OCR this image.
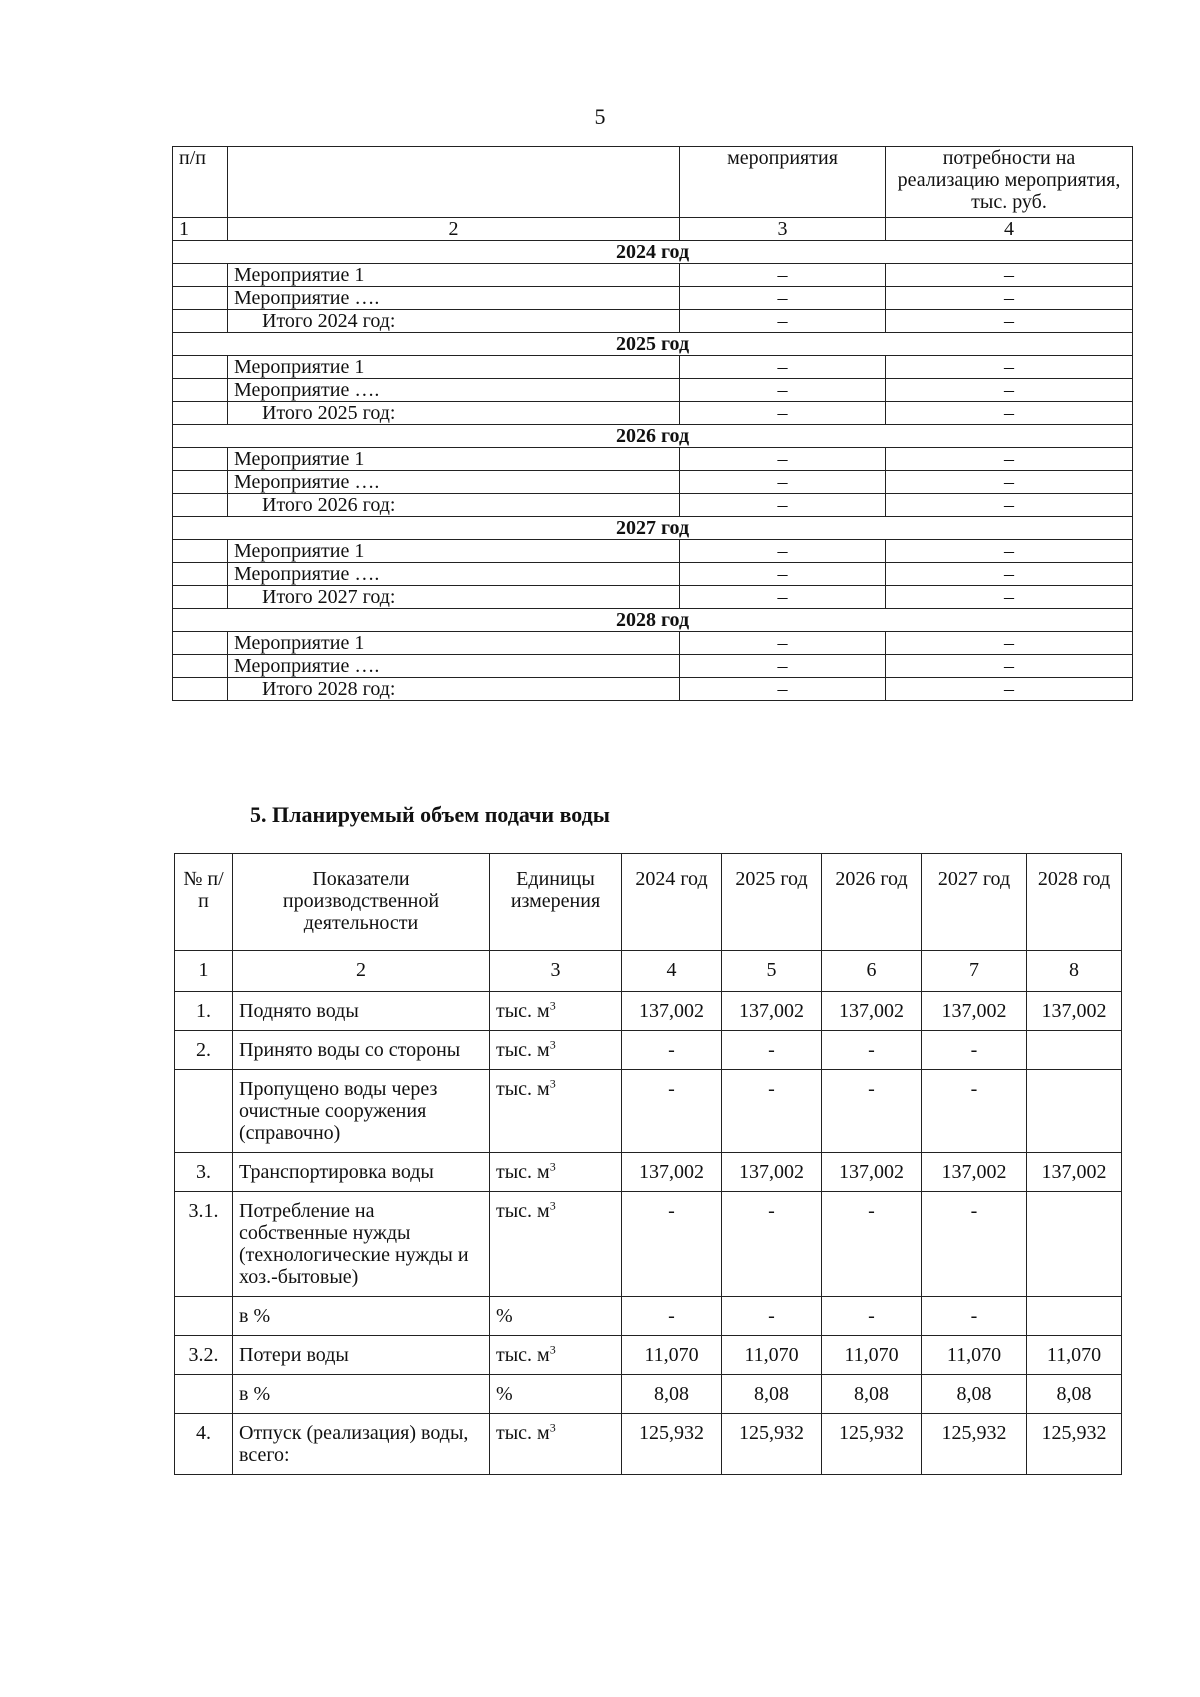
5
п/п		мероприятия	потребности на реализацию мероприятия, тыс. руб.
1	2	3	4
2024 год			
	Мероприятие 1	–	–
	Мероприятие ….	–	–
	Итого 2024 год:	–	–
2025 год			
	Мероприятие 1	–	–
	Мероприятие ….	–	–
	Итого 2025 год:	–	–
2026 год			
	Мероприятие 1	–	–
	Мероприятие ….	–	–
	Итого 2026 год:	–	–
2027 год			
	Мероприятие 1	–	–
	Мероприятие ….	–	–
	Итого 2027 год:	–	–
2028 год			
	Мероприятие 1	–	–
	Мероприятие ….	–	–
	Итого 2028 год:	–	–
5. Планируемый объем подачи воды
№ п/п	Показатели производственной деятельности	Единицы измерения	2024 год	2025 год	2026 год	2027 год	2028 год
1	2	3	4	5	6	7	8
1.	Поднято воды	тыс. $м^3$	137,002	137,002	137,002	137,002	137,002
2.	Принято воды со стороны	тыс. $м^3$	-	-	-	-	
	Пропущено воды через очистные сооружения (справочно)	тыс. $м^3$	-	-	-	-	
3.	Транспортировка воды	тыс. $м^3$	137,002	137,002	137,002	137,002	137,002
3.1.	Потребление на собственные нужды (технологические нужды и хоз.-бытовые)	тыс. $м^3$	-	-	-	-	
	в %	%	-	-	-	-	
3.2.	Потери воды	тыс. $м^3$	11,070	11,070	11,070	11,070	11,070
	в %	%	8,08	8,08	8,08	8,08	8,08
4.	Отпуск (реализация) воды, всего:	тыс. $м^3$	125,932	125,932	125,932	125,932	125,932
